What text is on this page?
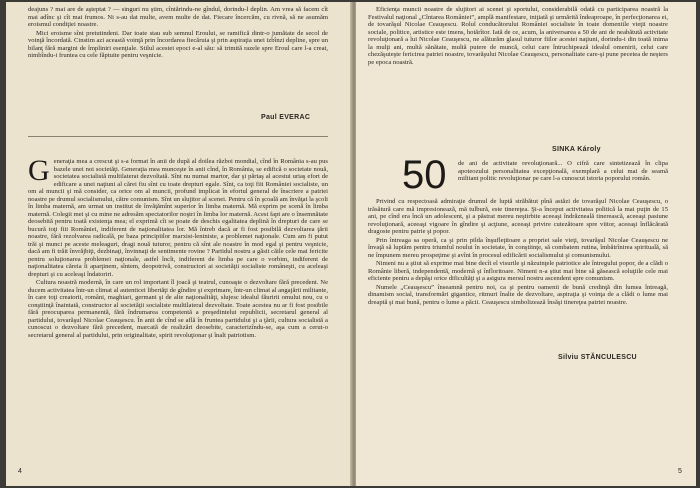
deajuns ? mai are de aşteptat ? — singuri nu ştim, cîntărindu-ne gîndul, dorindu-l deplin. Am vrea să facem cît mai adînc şi cît mai frumos. Ni s-au dat multe, avem multe de dat. Fiecare încercăm, cu rivnă, să ne asumăm eroismul condiţiei noastre.

Mici eroisme sînt pretutindeni. Dar toate stau sub semnul Eroului, se ramifică dintr-o jumătate de secol de voinţă încordată. Cinstim azi această voinţă prin încordarea fiecăruia şi prin aspiraţia unei izbînzi depline, spre un bilanţ fără margini de împliniri esenţiale. Stilul acestei epoci e-al său: să trimită razele spre Eroul care l-a creat, nimbîndu-i fruntea cu cele făptuite pentru veşnicie.

Paul EVERAC

Generaţia mea a crescut şi s-a format în anii de după al doilea război mondial, cînd în România s-au pus bazele unei noi societăţi. Generaţia mea munceşte în anii cînd, în România, se edifică o societate nouă, societatea socialistă multilaterat dezvoltată. Sînt nu numai martor, dar şi părtaş al acestui uriaş efort de edificare a unei naţiuni al cărei fiu sînt cu toate drepturi egale. Sînt, ca toţi fiii României socialiste, un om al muncii şi mă consider, ca orice om al muncii, profund implicat în efortul general de înscriere a patriei noastre pe drumul socialismului, către comunism. Sînt un slujitor al scenei. Pentru că în şcoală am învăţat la şcoli în limba maternă, am urmat un institut de învăţămînt superior în limba maternă. Mă exprim pe scenă în limba maternă. Colegii mei şi cu mine ne adresăm spectatorilor noştri în limba lor maternă. Acest fapt are o însemnătate deosebită pentru toată existenţa mea; el exprimă cît se poate de deschis egalitatea deplină în drepturi de care se bucură toţi fiii României, indiferent de naţionalitatea lor. Mă întreb dacă ar fi fost posibilă dezvoltarea ţării noastre, fără rezolvarea radicală, pe baza principiilor marxist-leniniste, a problemei naţionale. Cum am fi putut trăi şi munci pe aceste meleaguri, dragi nouă tuturor, pentru că sînt ale noastre în mod egal şi pentru veşnicie, dacă am fi trăit învrăjbiţi, dezbinaţi, învinnaţi de sentimente rovine ? Partidul nostru a găsit căile cele mai fericite pentru soluţionarea problemei naţionale, astfel încît, indiferent de limba pe care o vorbim, indiferent de naţionalitatea căreia îi aparţinem, sîntem, deopotrivă, constructori ai societăţii socialiste româneşti, cu aceleaşi drepturi şi cu aceleaşi îndatoriri.

Cultura noastră modernă, în care un rol important îl joacă şi teatrul, cunoaşte o dezvoltare fără precedent. Ne ducem activitatea într-un climat al autenticei libertăţi de gîndire şi exprimare, într-un climat al angajării militante, în care toţi creatorii, români, maghiari, germani şi de alte naţionalităţi, slujesc idealul făuririi omului nou, cu o conştiinţă înaintată, constructor al societăţii socialiste multilateral dezvoltate. Toate acestea nu ar fi fost posibile fără preocuparea permanentă, fără îndrumarea competentă a preşedintelui republicii, secretarul general al partidului, tovarăşul Nicolae Ceauşescu. În anii de cînd se află în fruntea partidului şi a ţării, cultura socialistă a cunoscut o dezvoltare fără precedent, marcată de realizări deosebite, caracterizîndu-se, aşa cum a cerut-o secretarul general al partidului, prin originalitate, spirit revoluţionar şi înalt patriotism.

4

Eficienţa muncii noastre de slujitori ai scenei şi sportului, considerabilă odată cu participarea noastră la Festivalul naţional „Cîntarea României”, amplă manifestare, iniţiată şi urmărită îndeaproape, în perfecţionarea ei, de tovarăşul Nicolae Ceauşescu. Rolul conducătorului României socialiste în toate domeniile vieţii noastre sociale, politice, artistice este imens, hotărîtor. Iată de ce, acum, la aniversarea a 50 de ani de neabătută activitate revoluţionară a lui Nicolae Ceauşescu, ne alăturăm glasul tuturor fiilor acestei naţiuni, dorindu-i din toată inima la mulţi ani, multă sănătate, multă putere de muncă, celui care întruchipează idealul omenirii, celui care chezăşuieşte fericirea patriei noastre, tovarăşului Nicolae Ceauşescu, personalitate care-şi pune pecetea de neşters pe epoca noastră.

50 de ani de activitate revoluţionară... O cifră care sintetizează în clipa apoteozului personalitatea excepţională, exemplară a celui mai de seamă militant politic revoluţionar pe care l-a cunoscut istoria poporului român.

Privind cu respectoasă admiraţie drumul de luptă străbătut pînă astăzi de tovarăşul Nicolae Ceauşescu, o trăsătură care mă impresionează, mă tulbură, este tinereţea. Şi-a început activitatea politică la mai puţin de 15 ani, pe cînd era încă un adolescent, şi a păstrat mereu neştirbite aceeaşi îndrăzneală tinerească, aceeaşi pasiune revoluţionară, aceeaşi vigoare în gîndire şi acţiune, aceeaşi privire cutezătoare spre viitor, aceeaşi înflăcărată dragoste pentru patrie şi popor.

Prin întreaga sa operă, ca şi prin pilda înşufleţitoare a propriei sale vieţi, tovarăşul Nicolae Ceauşescu ne învaţă să luptăm pentru triumful noului în societate, în conştiinţe, să combatem rutina, îmbătrînirea spirituală, să ne împunem mereu prospeţime şi avînt în procesul edificării socialismului şi comunismului.

Nimeni nu a ştiut să exprime mai bine decît el visurile şi năzuinţele patriotice ale întregului popor, de a clădi o Românie liberă, independentă, modernă şi înfloritoare. Nimeni n-a ştiut mai bine să găsească soluţiile cele mai eficiente pentru a depăşi orice dificultăţi şi a asigura mersul nostru ascendent spre comunism.

Numele „Ceauşescu” înseamnă pentru noi, ca şi pentru oamenii de bună credinţă din lumea întreagă, dinamism social, transformări gigantice, ritmuri înalte de dezvoltare, aspiraţia şi voinţa de a clădi o lume mai dreaptă şi mai bună, pentru o lume a păcii. Ceauşescu simbolizează însăşi tinereţea patriei noastre.

Silviu STĂNCULESCU
5
SINKA Károly
